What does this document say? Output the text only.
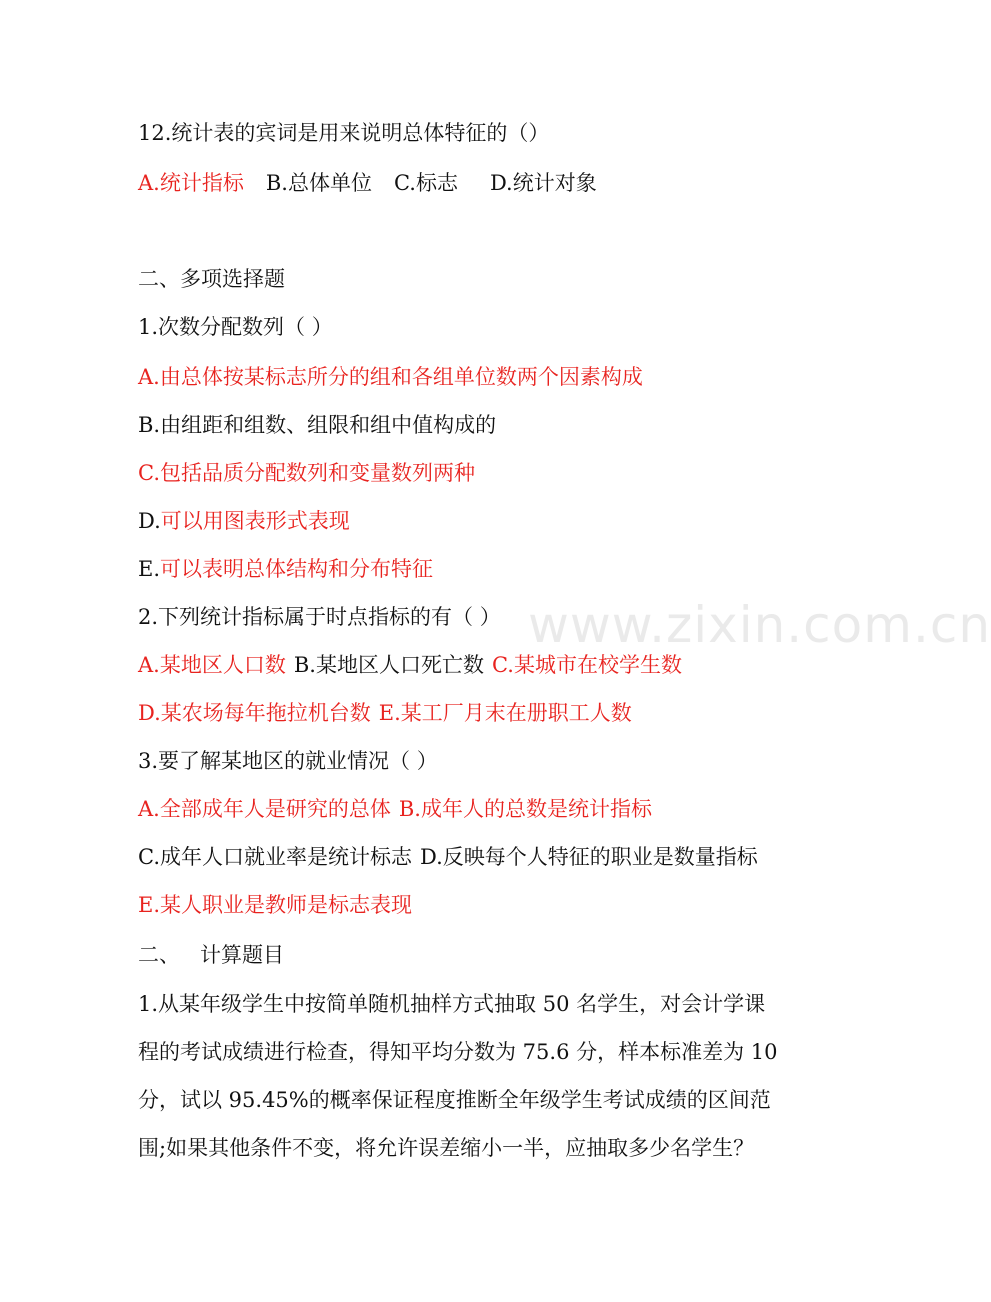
www.zixin.com.cn
12.统计表的宾词是用来说明总体特征的（）
A.统计指标 B.总体单位 C.标志 D.统计对象
二、多项选择题
1.次数分配数列（ ）
A.由总体按某标志所分的组和各组单位数两个因素构成
B.由组距和组数、组限和组中值构成的
C.包括品质分配数列和变量数列两种
D.可以用图表形式表现
E.可以表明总体结构和分布特征
2.下列统计指标属于时点指标的有（ ）
A.某地区人口数 B.某地区人口死亡数 C.某城市在校学生数
D.某农场每年拖拉机台数 E.某工厂月末在册职工人数
3.要了解某地区的就业情况（ ）
A.全部成年人是研究的总体 B.成年人的总数是统计指标
C.成年人口就业率是统计标志 D.反映每个人特征的职业是数量指标
E.某人职业是教师是标志表现
二、   计算题目
1.从某年级学生中按简单随机抽样方式抽取 50 名学生，对会计学课
程的考试成绩进行检查，得知平均分数为 75.6 分，样本标准差为 10
分，试以 95.45%的概率保证程度推断全年级学生考试成绩的区间范
围;如果其他条件不变，将允许误差缩小一半，应抽取多少名学生？
